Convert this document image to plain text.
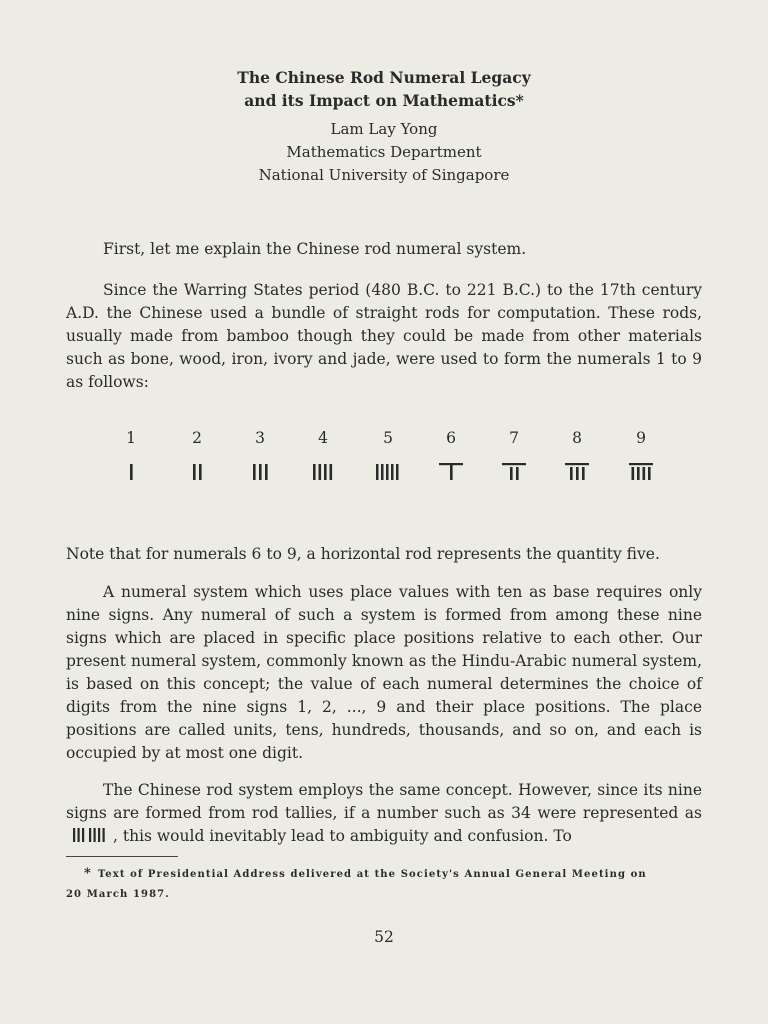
The Chinese Rod Numeral Legacy
and its Impact on Mathematics*
Lam Lay Yong
Mathematics Department
National University of Singapore
First, let me explain the Chinese rod numeral system.
Since the Warring States period (480 B.C. to 221 B.C.) to the 17th century A.D. the Chinese used a bundle of straight rods for computation. These rods, usually made from bamboo though they could be made from other materials such as bone, wood, iron, ivory and jade, were used to form the numerals 1 to 9 as follows:
1	2	3	4	5	6	7	8	9
Note that for numerals 6 to 9, a horizontal rod represents the quantity five.
A numeral system which uses place values with ten as base requires only nine signs. Any numeral of such a system is formed from among these nine signs which are placed in specific place positions relative to each other. Our present numeral system, commonly known as the Hindu-Arabic numeral system, is based on this concept; the value of each numeral determines the choice of digits from the nine signs 1, 2, ..., 9 and their place positions. The place positions are called units, tens, hundreds, thousands, and so on, and each is occupied by at most one digit.
The Chinese rod system employs the same concept. However, since its nine signs are formed from rod tallies, if a number such as 34 were represented as, this would inevitably lead to ambiguity and confusion. To
* Text of Presidential Address delivered at the Society's Annual General Meeting on
20 March 1987.
52
